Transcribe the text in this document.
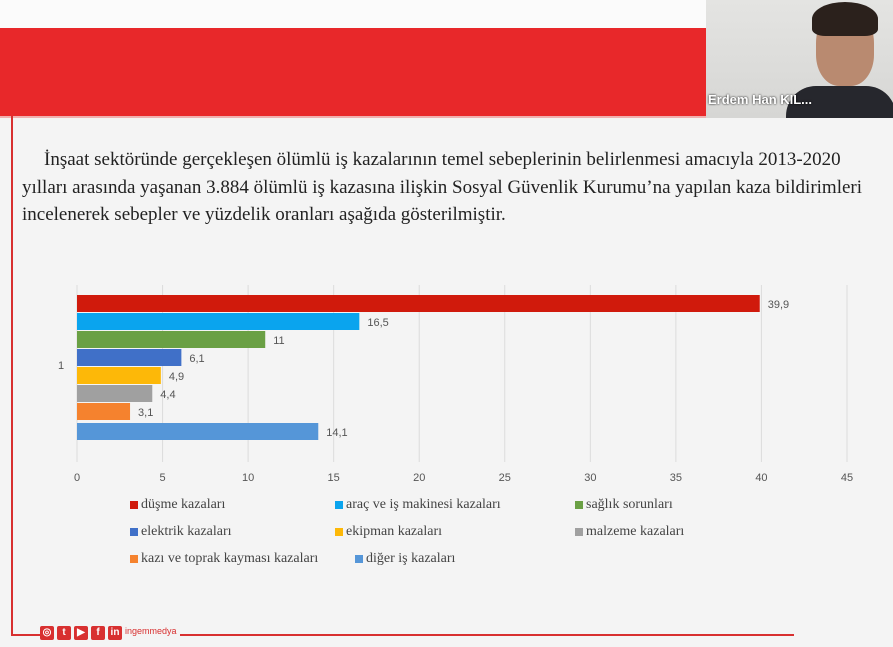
Erdem Han KIL...
◎	t	▶	f	in ingemmedya
İnşaat sektöründe gerçekleşen ölümlü iş kazalarının temel sebeplerinin belirlenmesi amacıyla 2013-2020 yılları arasında yaşanan 3.884 ölümlü iş kazasına ilişkin Sosyal Güvenlik Kurumu’na yapılan kaza bildirimleri incelenerek sebepler ve yüzdelik oranları aşağıda gösterilmiştir.
0	5	10	15	20	25	30	35	40	45
39,9
16,5
11
6,1
4,9
4,4
3,1
14,1
1
düşme kazaları	araç ve iş makinesi kazaları	sağlık sorunları
elektrik kazaları	ekipman kazaları	malzeme kazaları
kazı ve toprak kayması kazaları	diğer iş kazaları
